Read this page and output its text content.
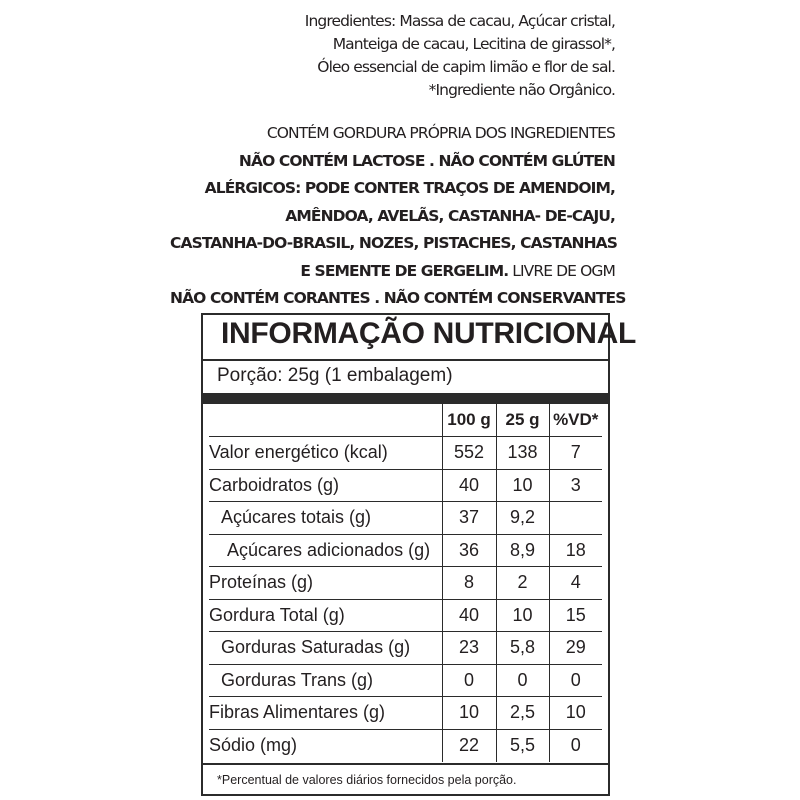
Ingredientes: Massa de cacau, Açúcar cristal,
Manteiga de cacau, Lecitina de girassol*,
Óleo essencial de capim limão e flor de sal.
*Ingrediente não Orgânico.
CONTÉM GORDURA PRÓPRIA DOS INGREDIENTES
NÃO CONTÉM LACTOSE . NÃO CONTÉM GLÚTEN
ALÉRGICOS: PODE CONTER TRAÇOS DE AMENDOIM,
AMÊNDOA, AVELÃS, CASTANHA- DE-CAJU,
CASTANHA-DO-BRASIL, NOZES, PISTACHES, CASTANHAS
E SEMENTE DE GERGELIM. LIVRE DE OGM
NÃO CONTÉM CORANTES . NÃO CONTÉM CONSERVANTES
INFORMAÇÃO NUTRICIONAL
Porção: 25g (1 embalagem)
	100 g	25 g	%VD*
Valor energético (kcal)	552	138	7
Carboidratos (g)	40	10	3
Açúcares totais (g)	37	9,2	
Açúcares adicionados (g)	36	8,9	18
Proteínas (g)	8	2	4
Gordura Total (g)	40	10	15
Gorduras Saturadas (g)	23	5,8	29
Gorduras Trans (g)	0	0	0
Fibras Alimentares (g)	10	2,5	10
Sódio (mg)	22	5,5	0
*Percentual de valores diários fornecidos pela porção.
